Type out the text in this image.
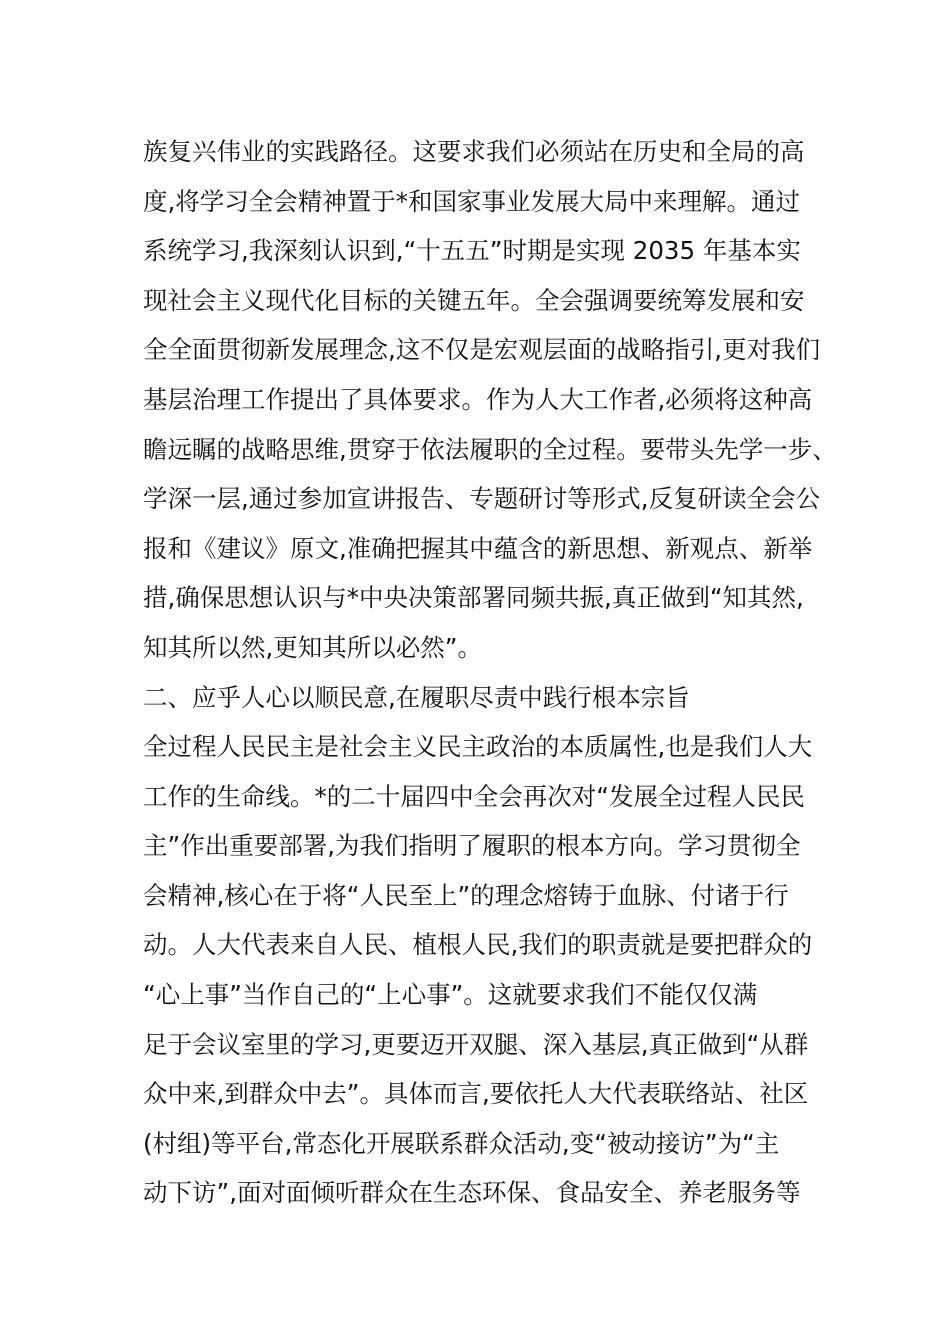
族复兴伟业的实践路径。这要求我们必须站在历史和全局的高
度,将学习全会精神置于*和国家事业发展大局中来理解。通过
系统学习,我深刻认识到,“十五五”时期是实现 2035 年基本实
现社会主义现代化目标的关键五年。全会强调要统筹发展和安
全全面贯彻新发展理念,这不仅是宏观层面的战略指引,更对我们
基层治理工作提出了具体要求。作为人大工作者,必须将这种高
瞻远瞩的战略思维,贯穿于依法履职的全过程。要带头先学一步、
学深一层,通过参加宣讲报告、专题研讨等形式,反复研读全会公
报和《建议》原文,准确把握其中蕴含的新思想、新观点、新举
措,确保思想认识与*中央决策部署同频共振,真正做到“知其然,
知其所以然,更知其所以必然”。
二、应乎人心以顺民意,在履职尽责中践行根本宗旨
全过程人民民主是社会主义民主政治的本质属性,也是我们人大
工作的生命线。*的二十届四中全会再次对“发展全过程人民民
主”作出重要部署,为我们指明了履职的根本方向。学习贯彻全
会精神,核心在于将“人民至上”的理念熔铸于血脉、付诸于行
动。人大代表来自人民、植根人民,我们的职责就是要把群众的
“心上事”当作自己的“上心事”。这就要求我们不能仅仅满
足于会议室里的学习,更要迈开双腿、深入基层,真正做到“从群
众中来,到群众中去”。具体而言,要依托人大代表联络站、社区
(村组)等平台,常态化开展联系群众活动,变“被动接访”为“主
动下访”,面对面倾听群众在生态环保、食品安全、养老服务等
